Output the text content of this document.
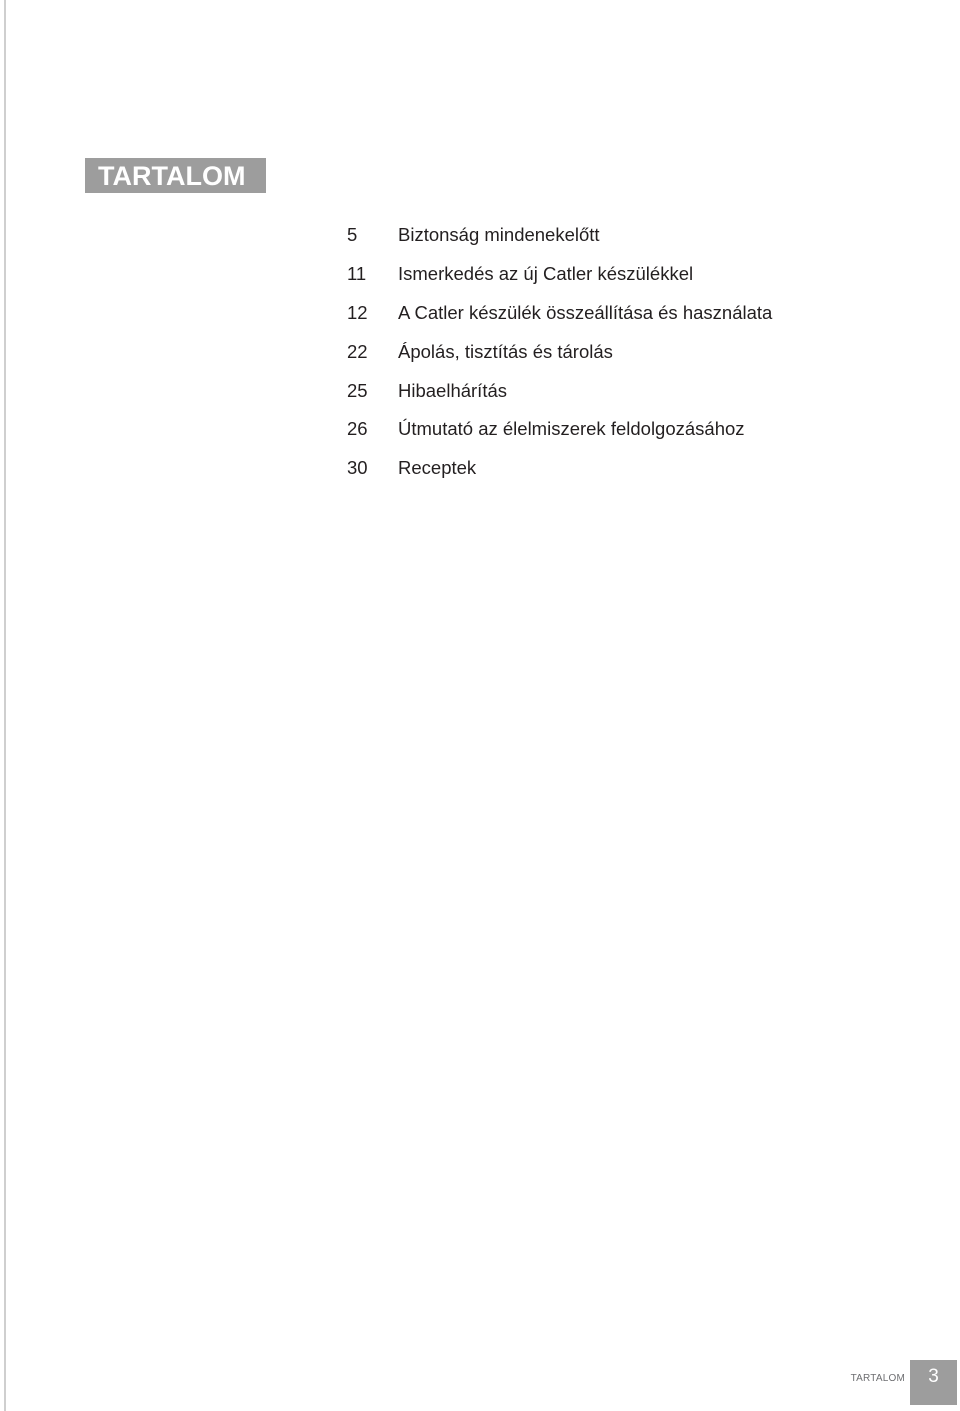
TARTALOM
5	Biztonság mindenekelőtt
11	Ismerkedés az új Catler készülékkel
12	A Catler készülék összeállítása és használata
22	Ápolás, tisztítás és tárolás
25	Hibaelhárítás
26	Útmutató az élelmiszerek feldolgozásához
30	Receptek
TARTALOM	3
